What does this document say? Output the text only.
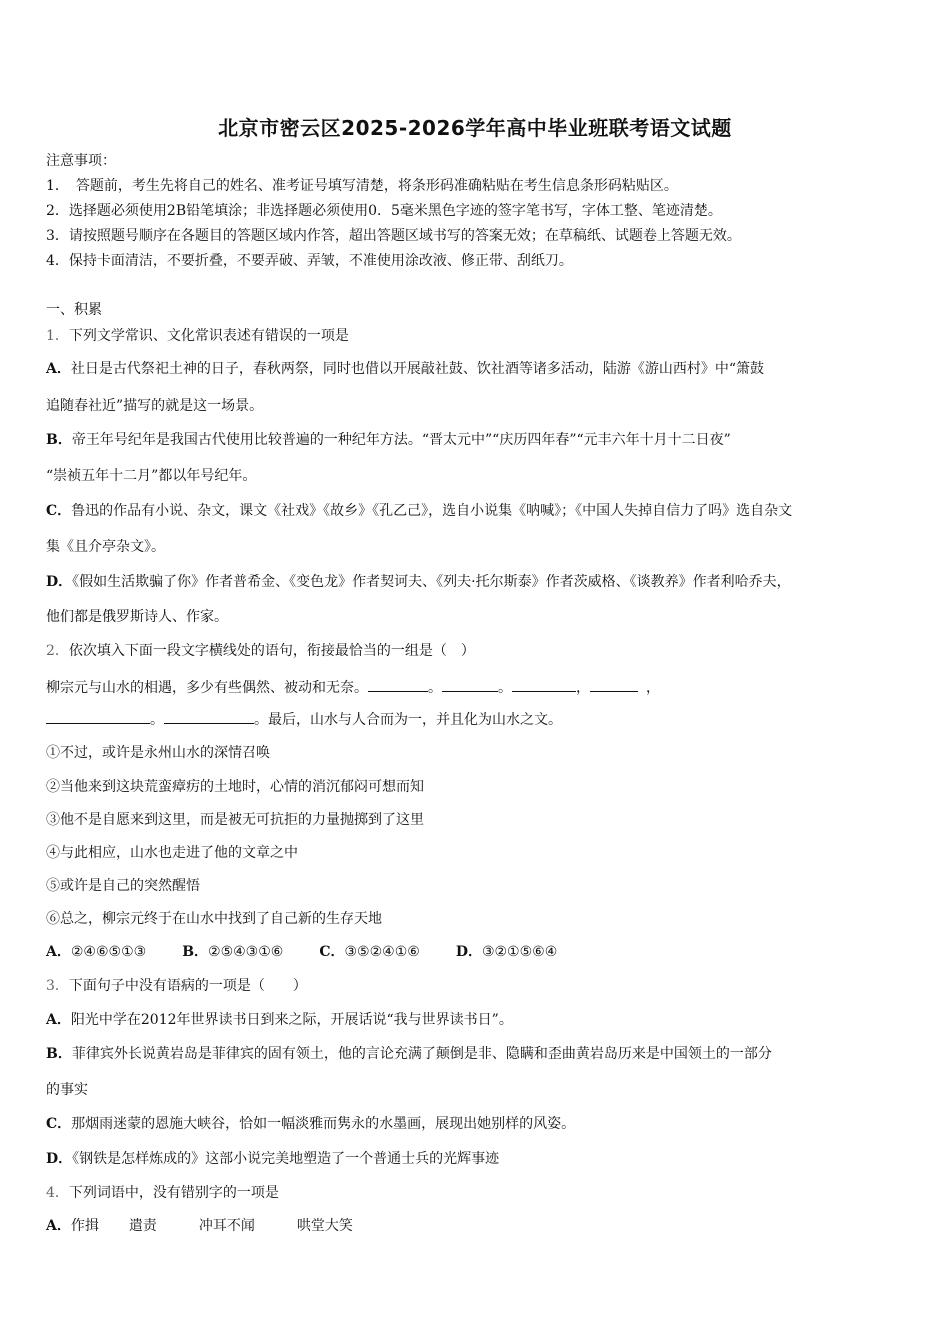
北京市密云区2025-2026学年高中毕业班联考语文试题
注意事项：
1．　答题前，考生先将自己的姓名、准考证号填写清楚，将条形码准确粘贴在考生信息条形码粘贴区。
2．选择题必须使用2B铅笔填涂；非选择题必须使用0．5毫米黑色字迹的签字笔书写，字体工整、笔迹清楚。
3．请按照题号顺序在各题目的答题区域内作答，超出答题区域书写的答案无效；在草稿纸、试题卷上答题无效。
4．保持卡面清洁，不要折叠，不要弄破、弄皱，不准使用涂改液、修正带、刮纸刀。
一、积累
1．下列文学常识、文化常识表述有错误的一项是
A．社日是古代祭祀土神的日子，春秋两祭，同时也借以开展敲社鼓、饮社酒等诸多活动，陆游《游山西村》中“箫鼓
追随春社近”描写的就是这一场景。
B．帝王年号纪年是我国古代使用比较普遍的一种纪年方法。“晋太元中”“庆历四年春”“元丰六年十月十二日夜”
“崇祯五年十二月”都以年号纪年。
C．鲁迅的作品有小说、杂文，课文《社戏》《故乡》《孔乙己》，选自小说集《呐喊》；《中国人失掉自信力了吗》选自杂文
集《且介亭杂文》。
D．《假如生活欺骗了你》作者普希金、《变色龙》作者契诃夫、《列夫·托尔斯泰》作者茨威格、《谈教养》作者利哈乔夫，
他们都是俄罗斯诗人、作家。
2．依次填入下面一段文字横线处的语句，衔接最恰当的一组是（　）
柳宗元与山水的相遇，多少有些偶然、被动和无奈。	。	。	，	，
。	。最后，山水与人合而为一，并且化为山水之文。
①不过，或许是永州山水的深情召唤
②当他来到这块荒蛮瘴疠的土地时，心情的消沉郁闷可想而知
③他不是自愿来到这里，而是被无可抗拒的力量抛掷到了这里
④与此相应，山水也走进了他的文章之中
⑤或许是自己的突然醒悟
⑥总之，柳宗元终于在山水中找到了自己新的生存天地
A．②④⑥⑤①③	B．②⑤④③①⑥	C．③⑤②④①⑥	D．③②①⑤⑥④
3．下面句子中没有语病的一项是（　　）
A．阳光中学在2012年世界读书日到来之际，开展话说“我与世界读书日”。
B．菲律宾外长说黄岩岛是菲律宾的固有领土，他的言论充满了颠倒是非、隐瞒和歪曲黄岩岛历来是中国领土的一部分
的事实
C．那烟雨迷蒙的恩施大峡谷，恰如一幅淡雅而隽永的水墨画，展现出她别样的风姿。
D．《钢铁是怎样炼成的》这部小说完美地塑造了一个普通士兵的光辉事迹
4．下列词语中，没有错别字的一项是
A．作揖 遣责	冲耳不闻	哄堂大笑
